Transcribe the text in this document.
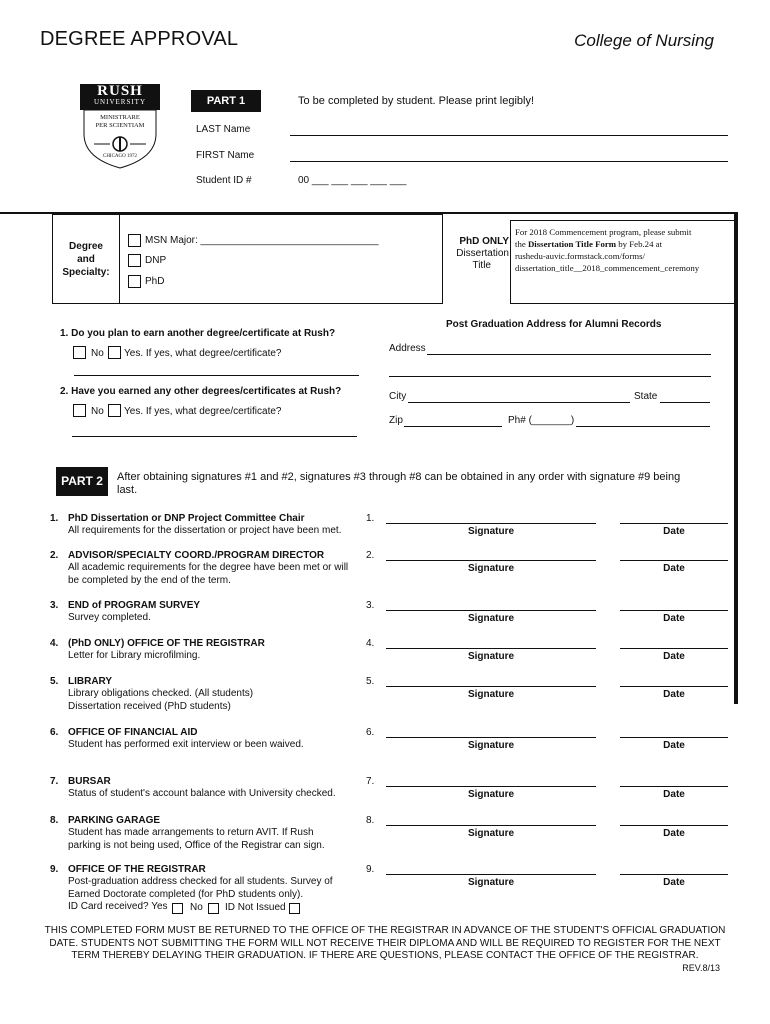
DEGREE APPROVAL	College of Nursing
RUSH
UNIVERSITY
MINISTRARE
PER SCIENTIAM
CHICAGO 1972
PART 1	To be completed by student. Please print legibly!
LAST Name
FIRST Name
Student ID #	00 ___ ___ ___ ___ ___
Degree
and
Specialty:
MSN Major: ________________________________
DNP
PhD
PhD ONLY
Dissertation
Title
For 2018 Commencement program, please submit
the Dissertation Title Form by Feb.24 at
rushedu-auvic.formstack.com/forms/
dissertation_title__2018_commencement_ceremony
1. Do you plan to earn another degree/certificate at Rush?
No Yes. If yes, what degree/certificate?
2. Have you earned any other degrees/certificates at Rush?
No Yes. If yes, what degree/certificate?
Post Graduation Address for Alumni Records
Address
City	State
Zip	Ph# (_______)
PART 2	After obtaining signatures #1 and #2, signatures #3 through #8 can be obtained in any order with signature #9 being
last.
1. PhD Dissertation or DNP Project Committee Chair
All requirements for the dissertation or project have been met.
1.
Signature	Date
2. ADVISOR/SPECIALTY COORD./PROGRAM DIRECTOR
All academic requirements for the degree have been met or will
be completed by the end of the term.
2.
Signature	Date
3. END of PROGRAM SURVEY
Survey completed.
3.
Signature	Date
4. (PhD ONLY) OFFICE OF THE REGISTRAR
Letter for Library microfilming.
4.
Signature	Date
5. LIBRARY
Library obligations checked. (All students)
Dissertation received (PhD students)
5.
Signature	Date
6. OFFICE OF FINANCIAL AID
Student has performed exit interview or been waived.
6.
Signature	Date
7. BURSAR
Status of student's account balance with University checked.
7.
Signature	Date
8. PARKING GARAGE
Student has made arrangements to return AVIT. If Rush
parking is not being used, Office of the Registrar can sign.
8.
Signature	Date
9. OFFICE OF THE REGISTRAR
Post-graduation address checked for all students. Survey of
Earned Doctorate completed (for PhD students only).
ID Card received? Yes
9.
Signature	Date
No ID Not Issued
THIS COMPLETED FORM MUST BE RETURNED TO THE OFFICE OF THE REGISTRAR IN ADVANCE OF THE STUDENT'S OFFICIAL GRADUATION
DATE. STUDENTS NOT SUBMITTING THE FORM WILL NOT RECEIVE THEIR DIPLOMA AND WILL BE REQUIRED TO REGISTER FOR THE NEXT
TERM THEREBY DELAYING THEIR GRADUATION. IF THERE ARE QUESTIONS, PLEASE CONTACT THE OFFICE OF THE REGISTRAR.
REV.8/13
